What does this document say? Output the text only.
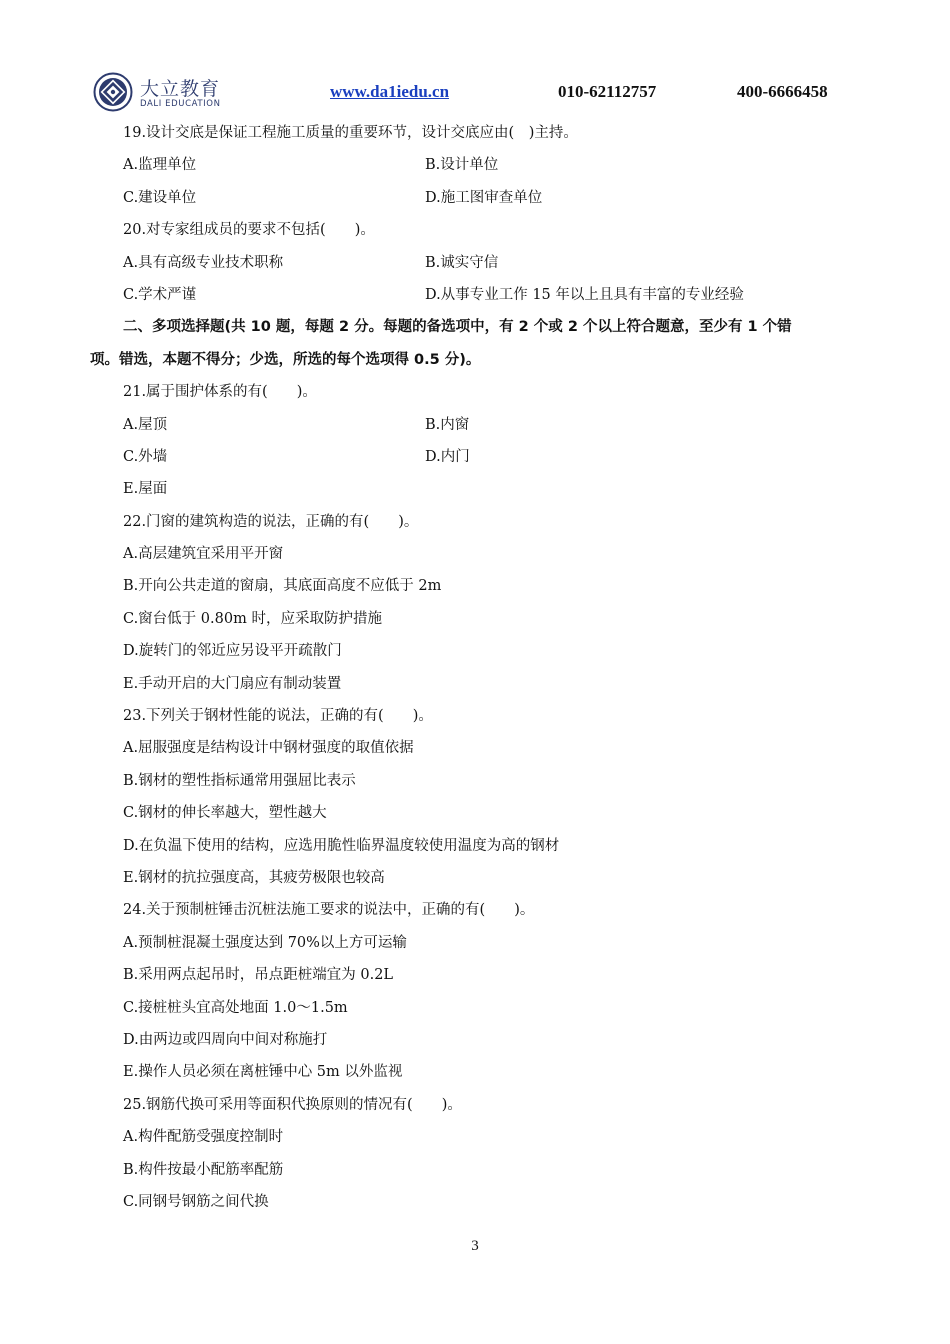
大立教育
DALI EDUCATION
www.da1iedu.cn	010-62112757	400-6666458
19.设计交底是保证工程施工质量的重要环节，设计交底应由(　)主持。
A.监理单位	B.设计单位
C.建设单位	D.施工图审查单位
20.对专家组成员的要求不包括(　　)。
A.具有高级专业技术职称	B.诚实守信
C.学术严谨	D.从事专业工作 15 年以上且具有丰富的专业经验
二、多项选择题(共 10 题，每题 2 分。每题的备选项中，有 2 个或 2 个以上符合题意，至少有 1 个错
项。错选，本题不得分；少选，所选的每个选项得 0.5 分)。
21.属于围护体系的有(　　)。
A.屋顶	B.内窗
C.外墙	D.内门
E.屋面
22.门窗的建筑构造的说法，正确的有(　　)。
A.高层建筑宜采用平开窗
B.开向公共走道的窗扇，其底面高度不应低于 2m
C.窗台低于 0.80m 时，应采取防护措施
D.旋转门的邻近应另设平开疏散门
E.手动开启的大门扇应有制动装置
23.下列关于钢材性能的说法，正确的有(　　)。
A.屈服强度是结构设计中钢材强度的取值依据
B.钢材的塑性指标通常用强屈比表示
C.钢材的伸长率越大，塑性越大
D.在负温下使用的结构，应选用脆性临界温度较使用温度为高的钢材
E.钢材的抗拉强度高，其疲劳极限也较高
24.关于预制桩锤击沉桩法施工要求的说法中，正确的有(　　)。
A.预制桩混凝土强度达到 70%以上方可运输
B.采用两点起吊时，吊点距桩端宜为 0.2L
C.接桩桩头宜高处地面 1.0～1.5m
D.由两边或四周向中间对称施打
E.操作人员必须在离桩锤中心 5m 以外监视
25.钢筋代换可采用等面积代换原则的情况有(　　)。
A.构件配筋受强度控制时
B.构件按最小配筋率配筋
C.同钢号钢筋之间代换
3
